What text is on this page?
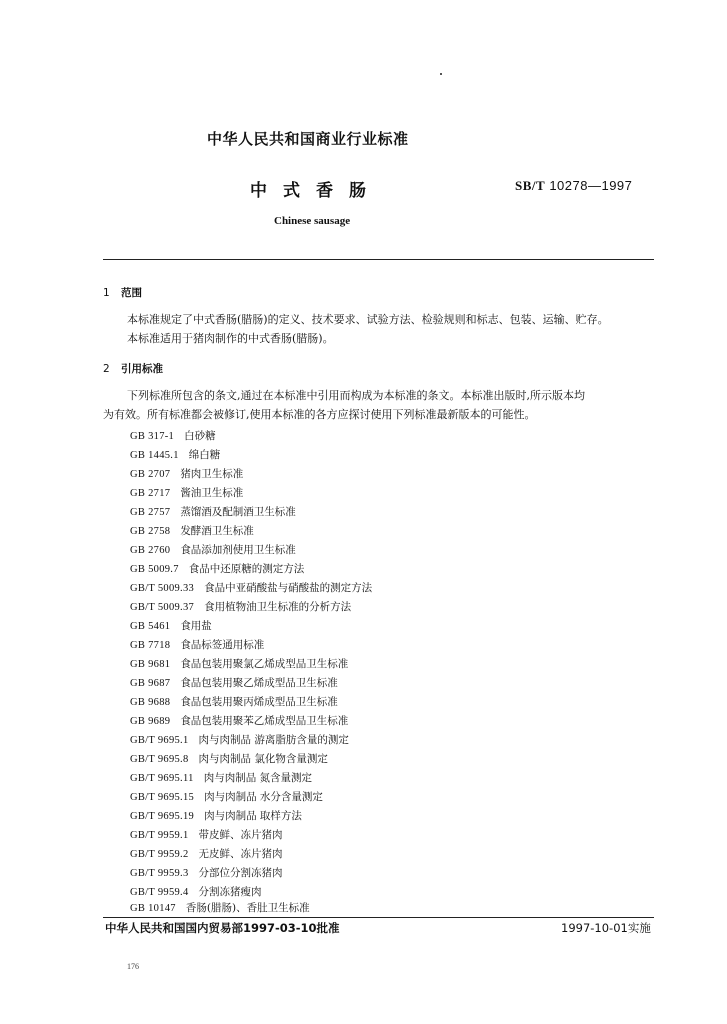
中华人民共和国商业行业标准
中式香肠	SB/T 10278—1997
Chinese sausage
1 范围
本标准规定了中式香肠(腊肠)的定义、技术要求、试验方法、检验规则和标志、包装、运输、贮存。
本标准适用于猪肉制作的中式香肠(腊肠)。
2 引用标准
下列标准所包含的条文,通过在本标准中引用而构成为本标准的条文。本标准出版时,所示版本均
为有效。所有标准都会被修订,使用本标准的各方应探讨使用下列标准最新版本的可能性。
GB 317-1 白砂糖
GB 1445.1 绵白糖
GB 2707 猪肉卫生标准
GB 2717 酱油卫生标准
GB 2757 蒸馏酒及配制酒卫生标准
GB 2758 发酵酒卫生标准
GB 2760 食品添加剂使用卫生标准
GB 5009.7 食品中还原糖的测定方法
GB/T 5009.33 食品中亚硝酸盐与硝酸盐的测定方法
GB/T 5009.37 食用植物油卫生标准的分析方法
GB 5461 食用盐
GB 7718 食品标签通用标准
GB 9681 食品包装用聚氯乙烯成型品卫生标准
GB 9687 食品包装用聚乙烯成型品卫生标准
GB 9688 食品包装用聚丙烯成型品卫生标准
GB 9689 食品包装用聚苯乙烯成型品卫生标准
GB/T 9695.1 肉与肉制品 游离脂肪含量的测定
GB/T 9695.8 肉与肉制品 氯化物含量测定
GB/T 9695.11 肉与肉制品 氮含量测定
GB/T 9695.15 肉与肉制品 水分含量测定
GB/T 9695.19 肉与肉制品 取样方法
GB/T 9959.1 带皮鲜、冻片猪肉
GB/T 9959.2 无皮鲜、冻片猪肉
GB/T 9959.3 分部位分割冻猪肉
GB/T 9959.4 分割冻猪瘦肉
GB 10147 香肠(腊肠)、香肚卫生标准
中华人民共和国国内贸易部1997-03-10批准	1997-10-01实施
176
